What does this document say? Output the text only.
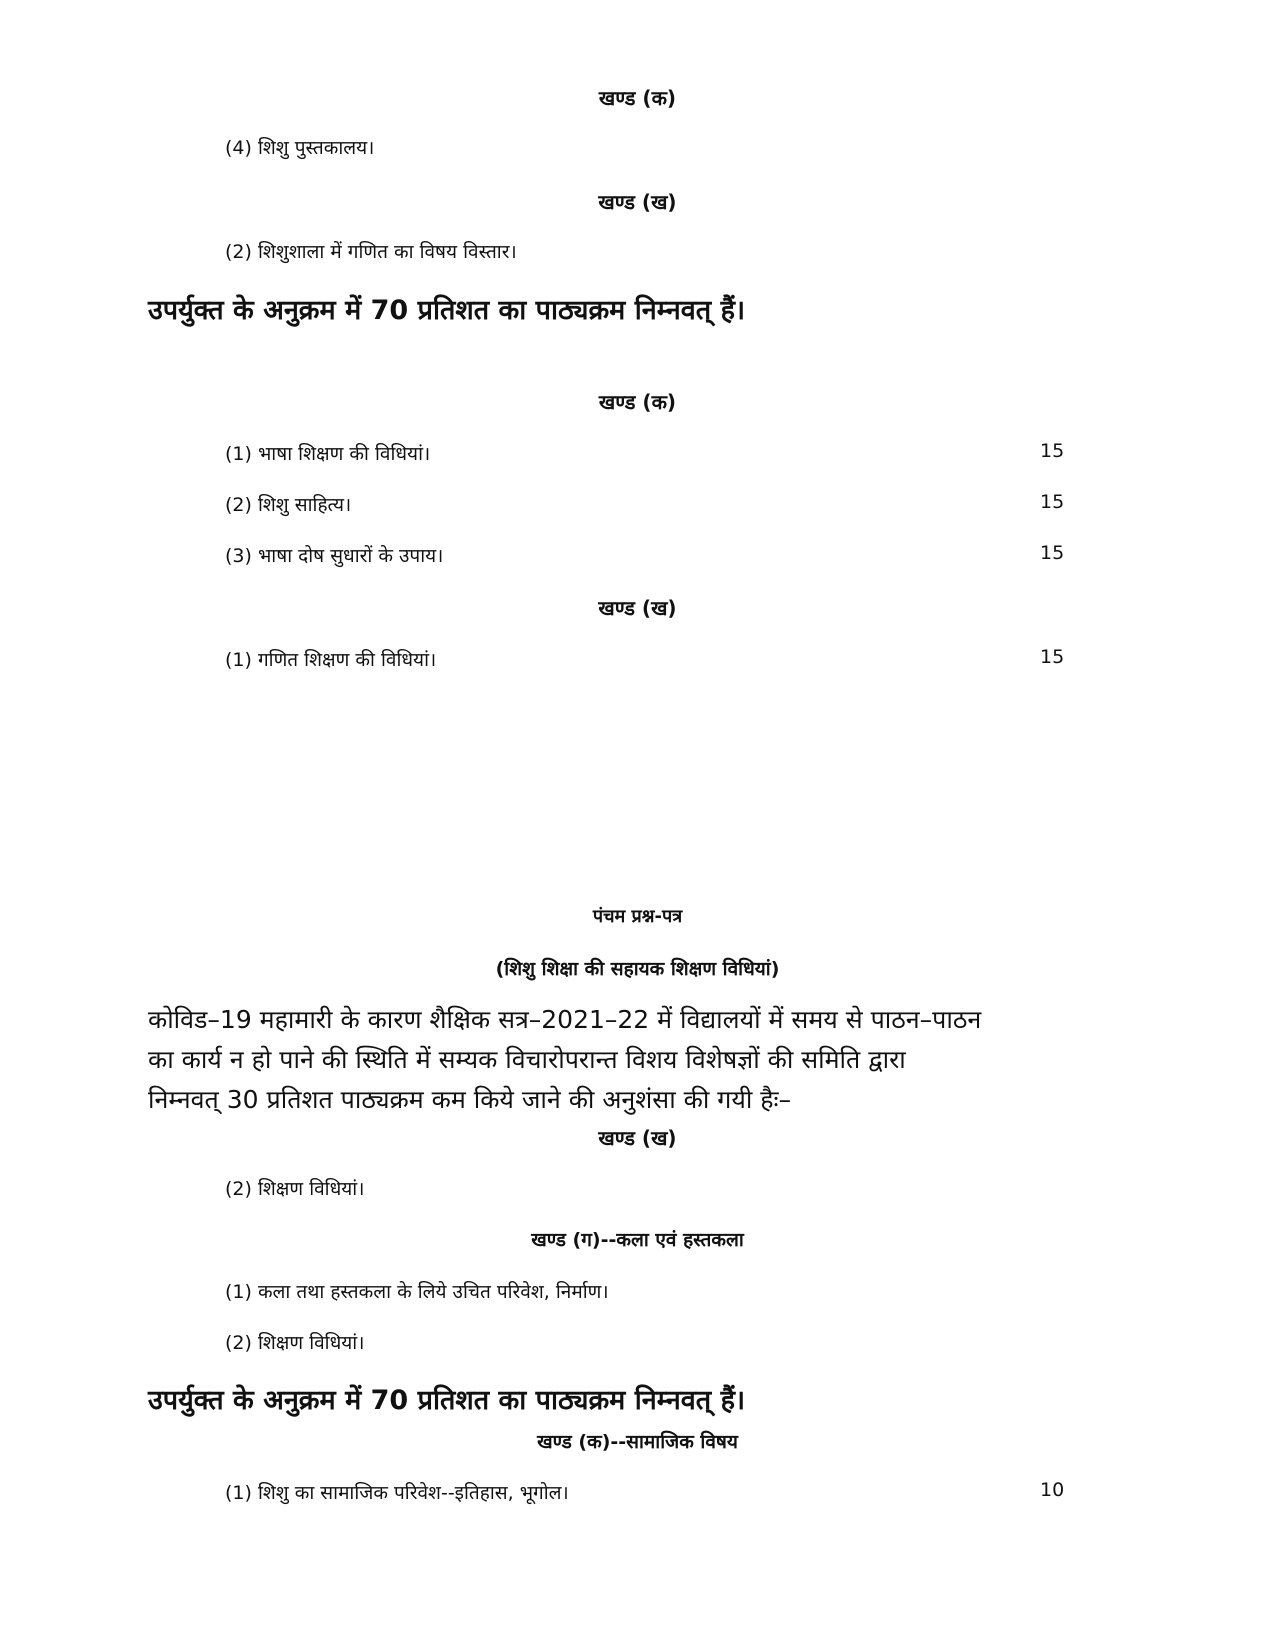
खण्ड (क)
(4) शिशु पुस्तकालय।
खण्ड (ख)
(2) शिशुशाला में गणित का विषय विस्तार।
उपर्युक्त के अनुक्रम में 70 प्रतिशत का पाठ्यक्रम निम्नवत् हैं।
खण्ड (क)
(1) भाषा शिक्षण की विधियां।	15
(2) शिशु साहित्य।	15
(3) भाषा दोष सुधारों के उपाय।	15
खण्ड (ख)
(1) गणित शिक्षण की विधियां।	15
पंचम प्रश्न-पत्र
(शिशु शिक्षा की सहायक शिक्षण विधियां)
कोविड–19 महामारी के कारण शैक्षिक सत्र–2021–22 में विद्यालयों में समय से पाठन–पाठन
का कार्य न हो पाने की स्थिति में सम्यक विचारोपरान्त विशय विशेषज्ञों की समिति द्वारा
निम्नवत् 30 प्रतिशत पाठ्यक्रम कम किये जाने की अनुशंसा की गयी हैः–
खण्ड (ख)
(2) शिक्षण विधियां।
खण्ड (ग)--कला एवं हस्तकला
(1) कला तथा हस्तकला के लिये उचित परिवेश, निर्माण।
(2) शिक्षण विधियां।
उपर्युक्त के अनुक्रम में 70 प्रतिशत का पाठ्यक्रम निम्नवत् हैं।
खण्ड (क)--सामाजिक विषय
(1) शिशु का सामाजिक परिवेश--इतिहास, भूगोल।	10
